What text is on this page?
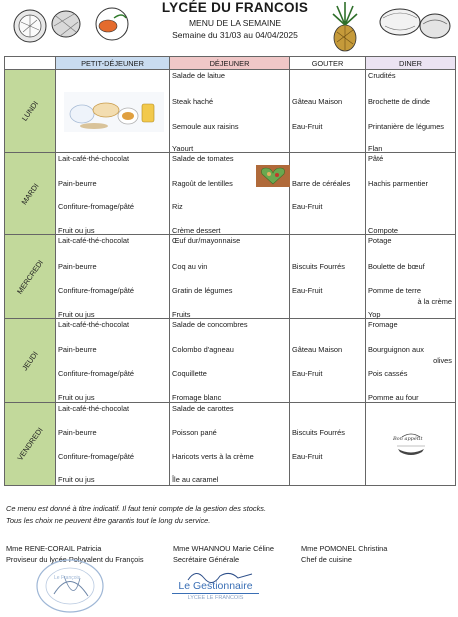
LYCÉE DU FRANCOIS
MENU DE LA SEMAINE
Semaine du 31/03 au 04/04/2025
	PETIT-DÉJEUNER	DÉJEUNER	GOUTER	DINER

LUNDI		Salade de laitue
Steak haché
Semoule aux raisins
Yaourt	Gâteau Maison
Eau-Fruit	Crudités
Brochette de dinde
Printanière de légumes
Flan

MARDI	Lait-café-thé-chocolat
Pain-beurre
Confiture-fromage/pâté
Fruit ou jus	Salade de tomates
Ragoût de lentilles
Riz
Crème dessert	Barre de céréales
Eau-Fruit	Pâté
Hachis parmentier
Compote

MERCREDI	Lait-café-thé-chocolat
Pain-beurre
Confiture-fromage/pâté
Fruit ou jus	Œuf dur/mayonnaise
Coq au vin
Gratin de légumes
Fruits	Biscuits Fourrés
Eau-Fruit	Potage
Boulette de bœuf
Pomme de terre
à la crème
Yop

JEUDI	Lait-café-thé-chocolat
Pain-beurre
Confiture-fromage/pâté
Fruit ou jus	Salade de concombres
Colombo d'agneau
Coquillette
Fromage blanc	Gâteau Maison
Eau-Fruit	Fromage
Bourguignon aux
olives
Pois cassés
Pomme au four

VENDREDI	Lait-café-thé-chocolat
Pain-beurre
Confiture-fromage/pâté
Fruit ou jus	Salade de carottes
Poisson pané
Haricots verts à la crème
Île au caramel	Biscuits Fourrés
Eau-Fruit	Bon appétit
Ce menu est donné à titre indicatif. Il faut tenir compte de la gestion des stocks.
Tous les choix ne peuvent être garantis tout le long du service.
Mme RENE-CORAIL Patricia
Proviseur du lycée Polyvalent du François
Mme WHANNOU Marie Céline
Secrétaire Générale
Mme POMONEL Christina
Chef de cuisine
Le François
Le Gestionnaire
LYCEE LE FRANCOIS
